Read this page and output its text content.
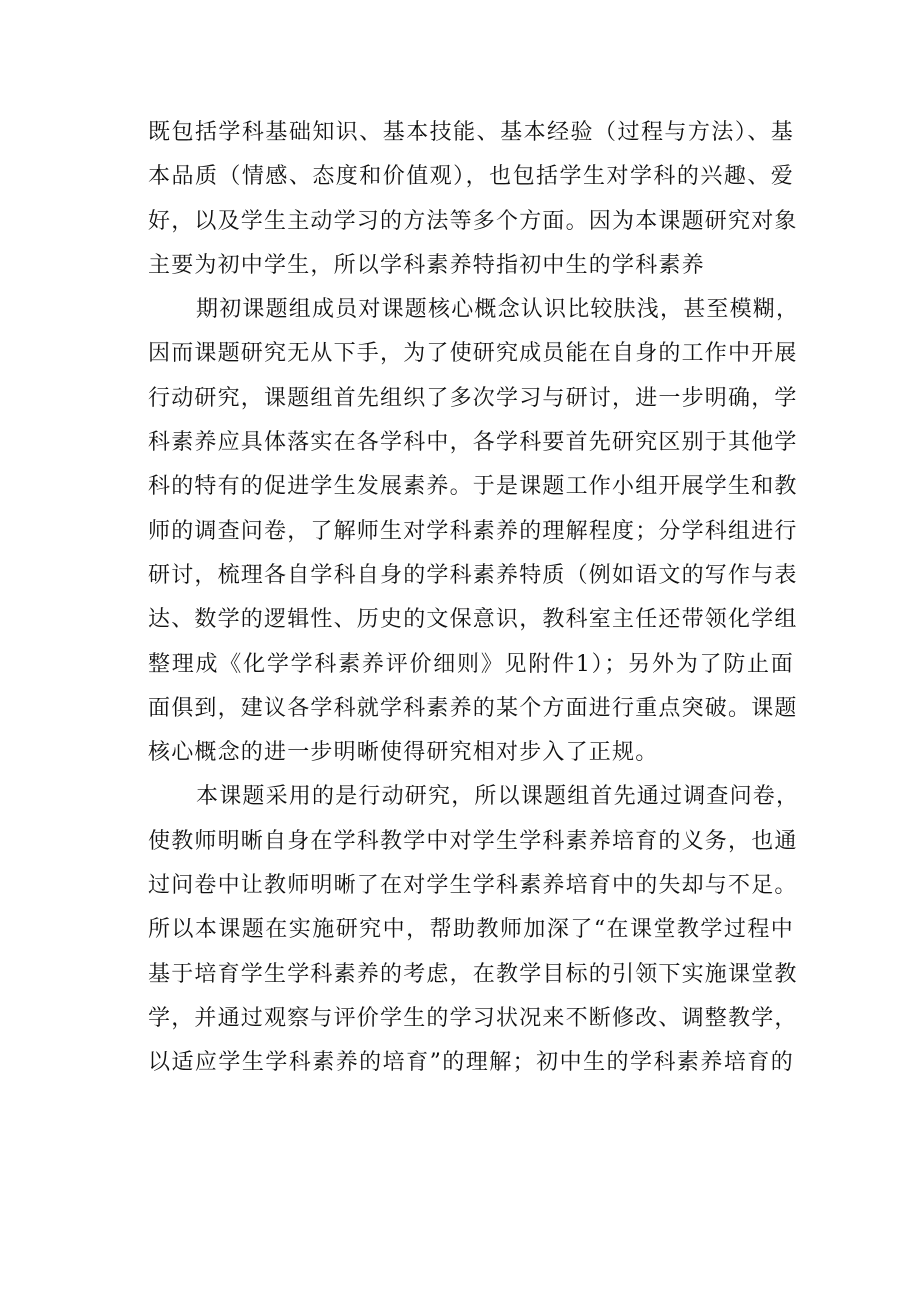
既包括学科基础知识、基本技能、基本经验（过程与方法）、基
本品质（情感、态度和价值观），也包括学生对学科的兴趣、爱
好，以及学生主动学习的方法等多个方面。因为本课题研究对象
主要为初中学生，所以学科素养特指初中生的学科素养

期初课题组成员对课题核心概念认识比较肤浅，甚至模糊，
因而课题研究无从下手，为了使研究成员能在自身的工作中开展
行动研究，课题组首先组织了多次学习与研讨，进一步明确，学
科素养应具体落实在各学科中，各学科要首先研究区别于其他学
科的特有的促进学生发展素养。于是课题工作小组开展学生和教
师的调查问卷，了解师生对学科素养的理解程度；分学科组进行
研讨，梳理各自学科自身的学科素养特质（例如语文的写作与表
达、数学的逻辑性、历史的文保意识，教科室主任还带领化学组
整理成《化学学科素养评价细则》见附件1）；另外为了防止面
面俱到，建议各学科就学科素养的某个方面进行重点突破。课题
核心概念的进一步明晰使得研究相对步入了正规。

本课题采用的是行动研究，所以课题组首先通过调查问卷，
使教师明晰自身在学科教学中对学生学科素养培育的义务，也通
过问卷中让教师明晰了在对学生学科素养培育中的失却与不足。
所以本课题在实施研究中，帮助教师加深了“在课堂教学过程中
基于培育学生学科素养的考虑，在教学目标的引领下实施课堂教
学，并通过观察与评价学生的学习状况来不断修改、调整教学，
以适应学生学科素养的培育”的理解；初中生的学科素养培育的
